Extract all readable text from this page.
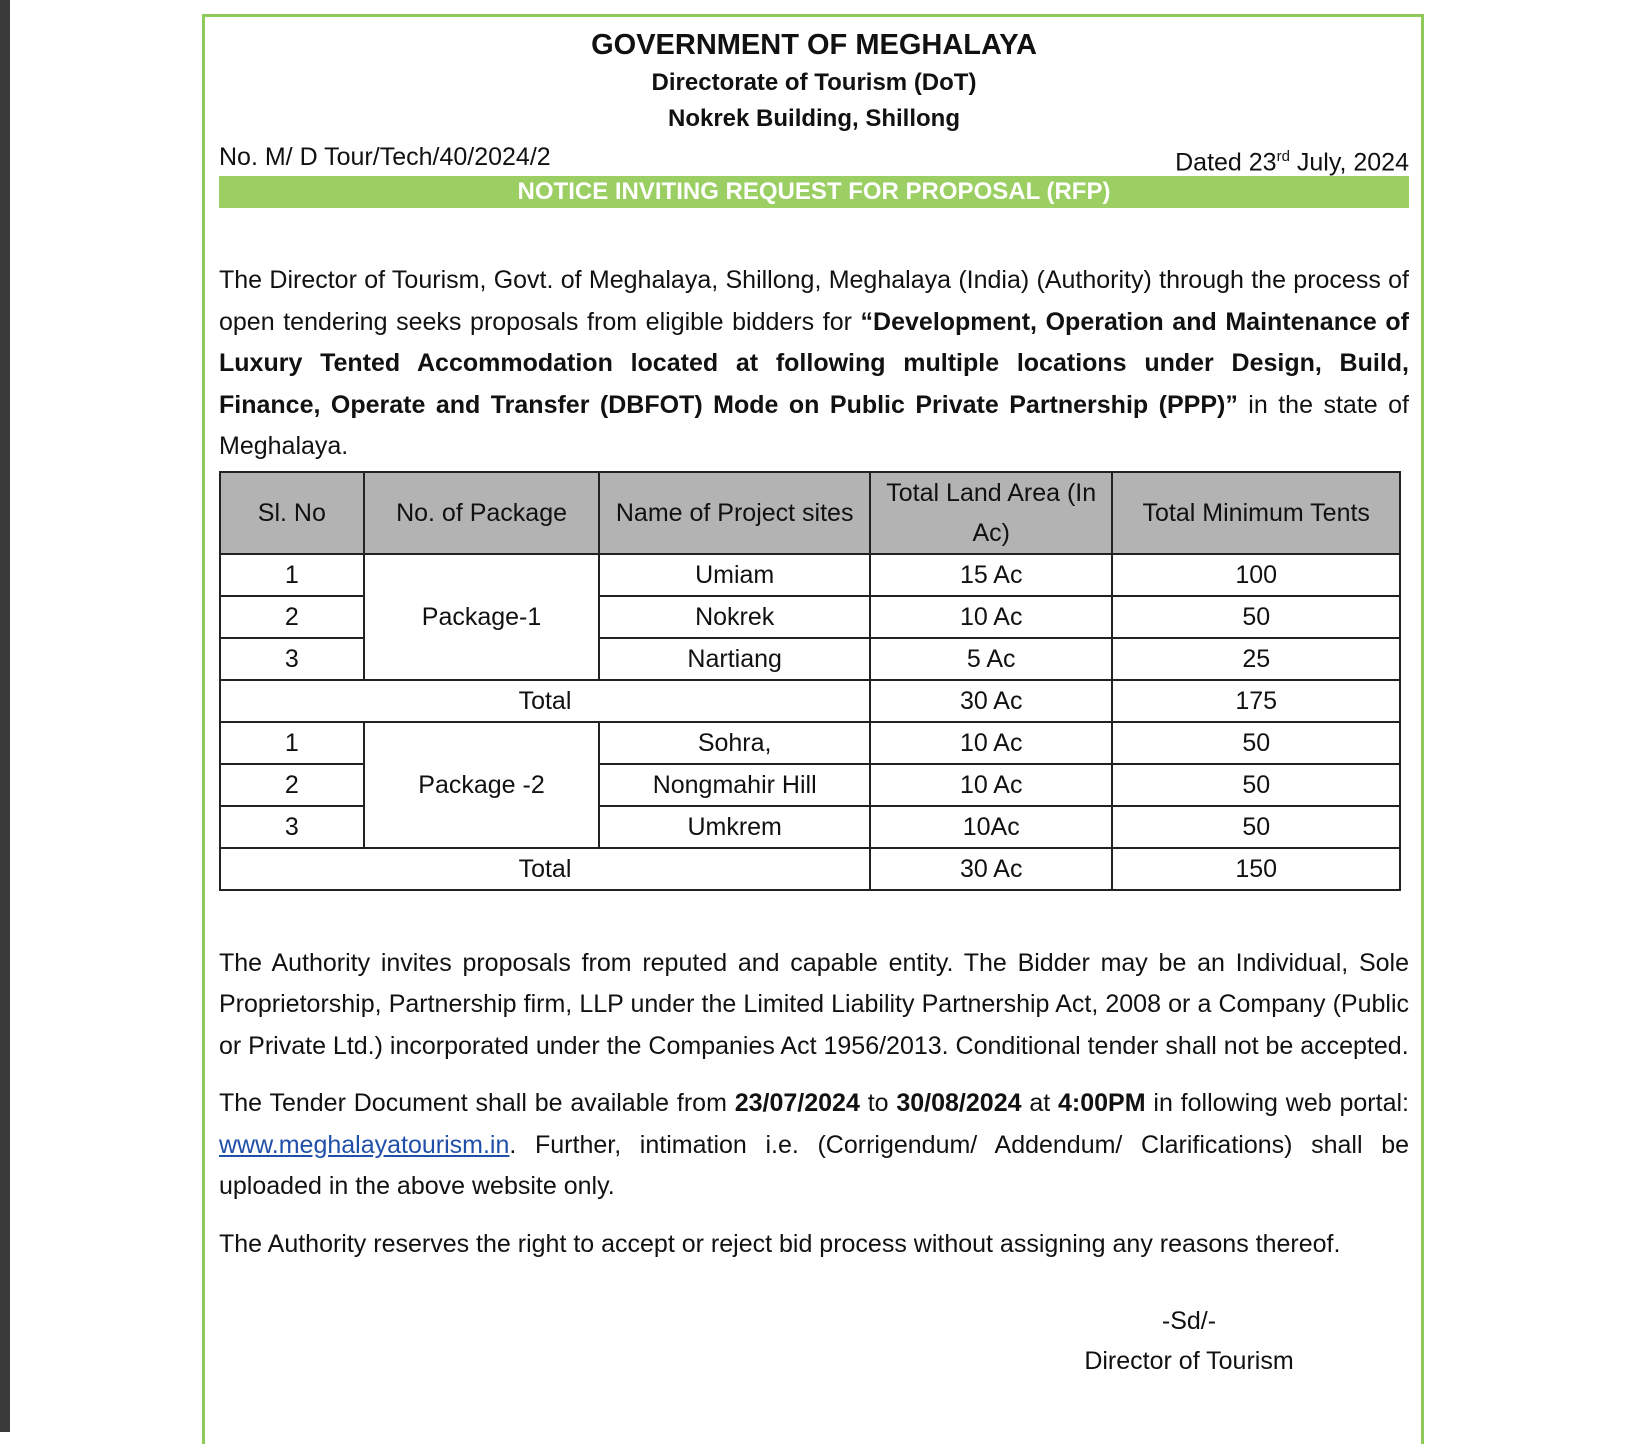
GOVERNMENT OF MEGHALAYA
Directorate of Tourism (DoT)
Nokrek Building, Shillong
No. M/ D Tour/Tech/40/2024/2	Dated 23rd July, 2024
NOTICE INVITING REQUEST FOR PROPOSAL (RFP)

The Director of Tourism, Govt. of Meghalaya, Shillong, Meghalaya (India) (Authority) through the process of open tendering seeks proposals from eligible bidders for “Development, Operation and Maintenance of Luxury Tented Accommodation located at following multiple locations under Design, Build, Finance, Operate and Transfer (DBFOT) Mode on Public Private Partnership (PPP)” in the state of Meghalaya.

Sl. No	No. of Package	Name of Project sites	Total Land Area (In Ac)	Total Minimum Tents
1	Package-1	Umiam	15 Ac	100
2		Nokrek	10 Ac	50
3		Nartiang	5 Ac	25
Total			30 Ac	175
1	Package -2	Sohra,	10 Ac	50
2		Nongmahir Hill	10 Ac	50
3		Umkrem	10Ac	50
Total			30 Ac	150

The Authority invites proposals from reputed and capable entity. The Bidder may be an Individual, Sole Proprietorship, Partnership firm, LLP under the Limited Liability Partnership Act, 2008 or a Company (Public or Private Ltd.) incorporated under the Companies Act 1956/2013. Conditional tender shall not be accepted.

The Tender Document shall be available from 23/07/2024 to 30/08/2024 at 4:00PM in following web portal: www.meghalayatourism.in. Further, intimation i.e. (Corrigendum/ Addendum/ Clarifications) shall be uploaded in the above website only.

The Authority reserves the right to accept or reject bid process without assigning any reasons thereof.

-Sd/-
Director of Tourism
